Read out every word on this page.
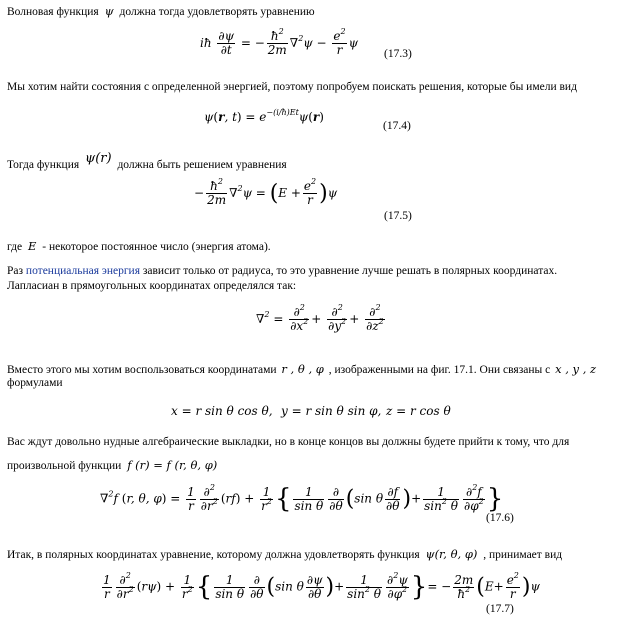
Волновая функция ψ должна тогда удовлетворять уравнению
iħ $\frac{\partial\psi}{\partial t}$ = − $\frac{ħ^2}{2m} \nabla^2\psi - \frac{e^2}{r}$ ψ
(17.3)
Мы хотим найти состояния с определенной энергией, поэтому попробуем поискать решения, которые бы имели вид
ψ(r, $t) = e^{-(i/ħ)Et}\psi(r)$
(17.4)
Тогда функция ψ(r) должна быть решением уравнения
− $\frac{ħ^2}{2m} \nabla^2\psi = (E + \frac{e^2}{r} )\psi$
(17.5)
где E - некоторое постоянное число (энергия атома).
Раз потенциальная энергия зависит только от радиуса, то это уравнение лучше решать в полярных координатах.
Лапласиан в прямоугольных координатах определялся так:
$\nabla^2 = \frac{\partial^2}{\partial x^2} + \frac{\partial^2}{\partial y^2} + \frac{\partial^2}{\partial z^2}$
Вместо этого мы хотим воспользоваться координатами r , θ , φ , изображенными на фиг. 17.1. Они связаны с x , y , z
формулами
x = r sin θ cos θ, y = r sin θ sin φ, z = r cos θ
Вас ждут довольно нудные алгебраические выкладки, но в конце концов вы должны будете прийти к тому, что для
произвольной функции f (r) = f (r, θ, φ)
∇$^2$f (r, θ, $\varphi) = \frac{1}{r} \frac{\partial^2}{\partial r^2} (rf) + \frac{1}{r^2}$ { $\frac{1}{\text{sin θ}} \frac{\partial}{\partial\theta} (\sin$ θ $\frac{\partial f}{\partial\theta}$ )+ $\frac{1}{\sin^2 \theta} \frac{\partial^2f}{\partial\varphi^2}$ }
(17.6)
Итак, в полярных координатах уравнение, которому должна удовлетворять функция ψ(r, θ, φ) , принимает вид
$\frac{1}{r} \frac{\partial^2}{\partial r^2} (r\psi) + \frac{1}{r^2}$ { $\frac{1}{\text{sin θ}} \frac{\partial}{\partial\theta} (\sin$ θ $\frac{\partial\psi}{\partial\theta}$ )+ $\frac{1}{\sin^2 \theta} \frac{\partial^2\psi}{\partial\varphi^2}$ }= − $\frac{2m}{ħ^2} (E+ \frac{e^2}{r} )\psi$
(17.7)
